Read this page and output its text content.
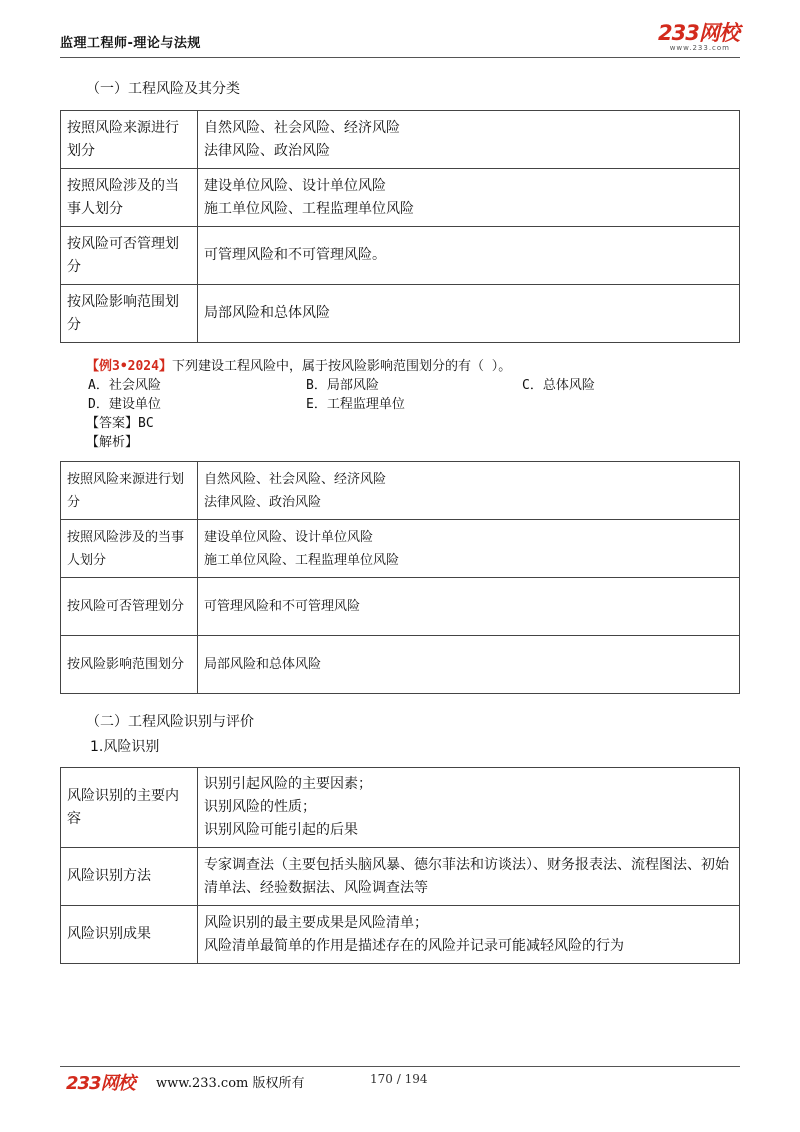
监理工程师-理论与法规	233网校
www.233.com
（一）工程风险及其分类
按照风险来源进行划分	自然风险、社会风险、经济风险
法律风险、政治风险

按照风险涉及的当事人划分	建设单位风险、设计单位风险
施工单位风险、工程监理单位风险

按风险可否管理划分	可管理风险和不可管理风险。

按风险影响范围划分	局部风险和总体风险
【例3•2024】下列建设工程风险中，属于按风险影响范围划分的有（ ）。
A．社会风险	B．局部风险	C．总体风险
D．建设单位	E．工程监理单位
【答案】BC
【解析】
按照风险来源进行划分	自然风险、社会风险、经济风险
法律风险、政治风险

按照风险涉及的当事人划分	建设单位风险、设计单位风险
施工单位风险、工程监理单位风险

按风险可否管理划分	可管理风险和不可管理风险

按风险影响范围划分	局部风险和总体风险
（二）工程风险识别与评价
1.风险识别
风险识别的主要内容	识别引起风险的主要因素；
识别风险的性质；
识别风险可能引起的后果

风险识别方法	专家调查法（主要包括头脑风暴、德尔菲法和访谈法）、财务报表法、流程图法、初始清单法、经验数据法、风险调查法等

风险识别成果	风险识别的最主要成果是风险清单；
风险清单最简单的作用是描述存在的风险并记录可能减轻风险的行为
233网校 www.233.com 版权所有	170 / 194
